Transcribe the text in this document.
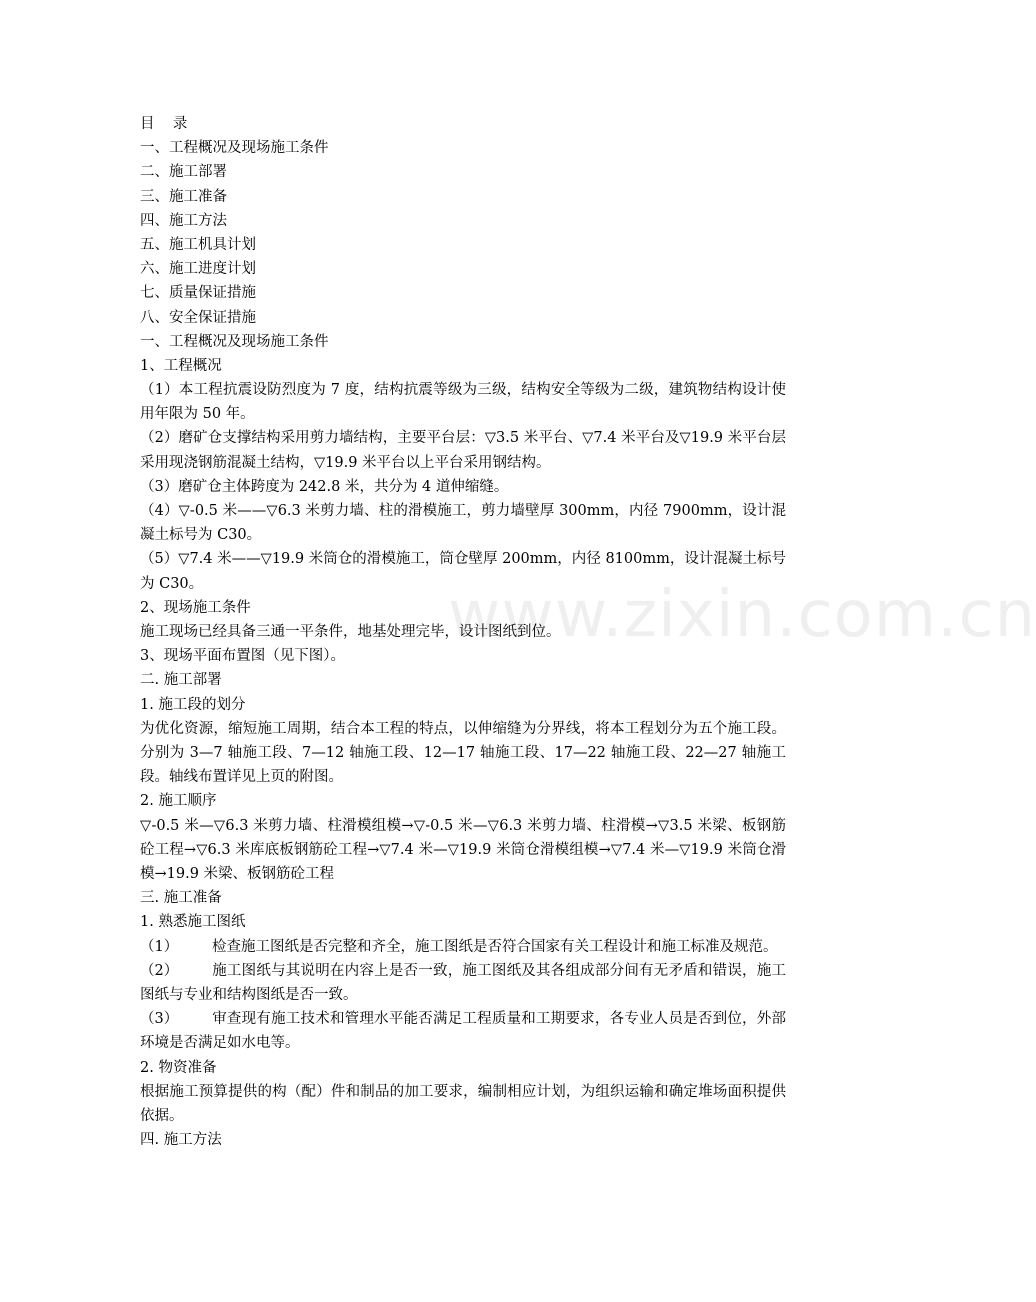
目    录
一、工程概况及现场施工条件
二、施工部署
三、施工准备
四、施工方法
五、施工机具计划
六、施工进度计划
七、质量保证措施
八、安全保证措施
一、工程概况及现场施工条件
1、工程概况
（1）本工程抗震设防烈度为 7 度，结构抗震等级为三级，结构安全等级为二级，建筑物结构设计使用年限为 50 年。
（2）磨矿仓支撑结构采用剪力墙结构，主要平台层：▽3.5 米平台、▽7.4 米平台及▽19.9 米平台层采用现浇钢筋混凝土结构，▽19.9 米平台以上平台采用钢结构。
（3）磨矿仓主体跨度为 242.8 米，共分为 4 道伸缩缝。
（4）▽-0.5 米——▽6.3 米剪力墙、柱的滑模施工，剪力墙壁厚 300mm，内径 7900mm，设计混凝土标号为 C30。
（5）▽7.4 米——▽19.9 米筒仓的滑模施工，筒仓壁厚 200mm，内径 8100mm，设计混凝土标号为 C30。
2、现场施工条件
施工现场已经具备三通一平条件，地基处理完毕，设计图纸到位。
3、现场平面布置图（见下图）。
二. 施工部署
1. 施工段的划分
为优化资源，缩短施工周期，结合本工程的特点，以伸缩缝为分界线，将本工程划分为五个施工段。分别为 3—7 轴施工段、7—12 轴施工段、12—17 轴施工段、17—22 轴施工段、22—27 轴施工段。轴线布置详见上页的附图。
2. 施工顺序
▽-0.5 米—▽6.3 米剪力墙、柱滑模组模→▽-0.5 米—▽6.3 米剪力墙、柱滑模→▽3.5 米梁、板钢筋砼工程→▽6.3 米库底板钢筋砼工程→▽7.4 米—▽19.9 米筒仓滑模组模→▽7.4 米—▽19.9 米筒仓滑模→19.9 米梁、板钢筋砼工程
三. 施工准备
1. 熟悉施工图纸
（1） 检查施工图纸是否完整和齐全，施工图纸是否符合国家有关工程设计和施工标准及规范。
（2） 施工图纸与其说明在内容上是否一致，施工图纸及其各组成部分间有无矛盾和错误，施工图纸与专业和结构图纸是否一致。
（3） 审查现有施工技术和管理水平能否满足工程质量和工期要求，各专业人员是否到位，外部环境是否满足如水电等。
2. 物资准备
根据施工预算提供的构（配）件和制品的加工要求，编制相应计划，为组织运输和确定堆场面积提供依据。
四. 施工方法
www.zixin.com.cn
